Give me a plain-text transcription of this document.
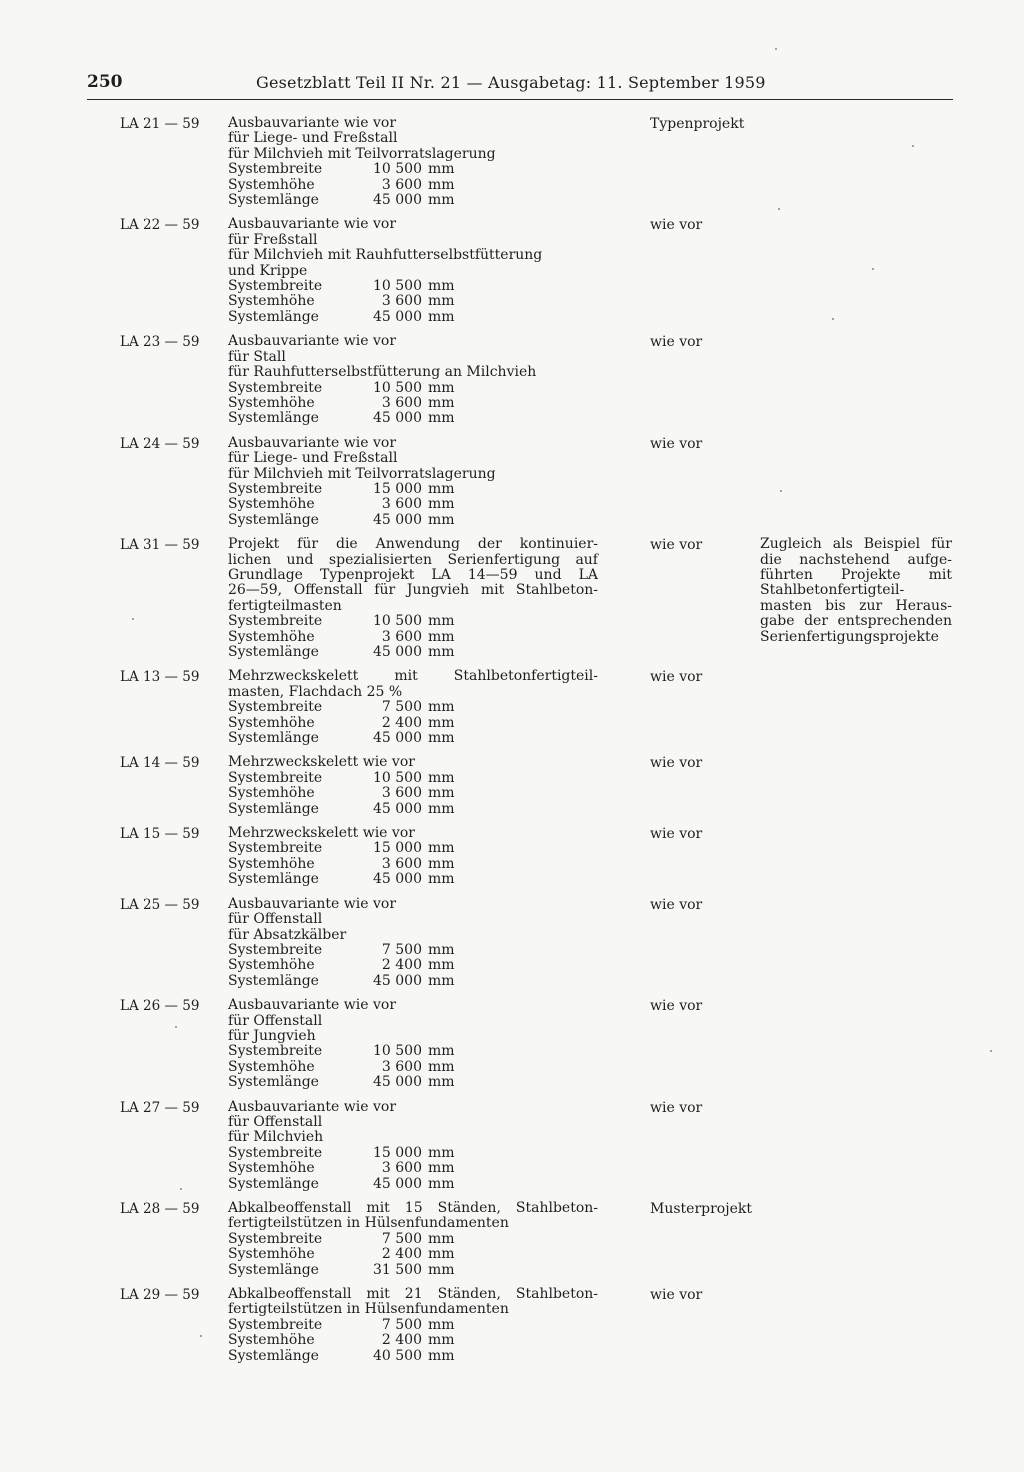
250	Gesetzblatt Teil II Nr. 21 — Ausgabetag: 11. September 1959
LA 21 — 59	Ausbauvariante wie vor
für Liege- und Freßstall
für Milchvieh mit Teilvorratslagerung
Systembreite	10 500 mm
Systemhöhe	3 600 mm
Systemlänge	45 000 mm
Typenprojekt
LA 22 — 59	Ausbauvariante wie vor
für Freßstall
für Milchvieh mit Rauhfutterselbstfütterung
und Krippe
Systembreite	10 500 mm
Systemhöhe	3 600 mm
Systemlänge	45 000 mm
wie vor
LA 23 — 59	Ausbauvariante wie vor
für Stall
für Rauhfutterselbstfütterung an Milchvieh
Systembreite	10 500 mm
Systemhöhe	3 600 mm
Systemlänge	45 000 mm
wie vor
LA 24 — 59	Ausbauvariante wie vor
für Liege- und Freßstall
für Milchvieh mit Teilvorratslagerung
Systembreite	15 000 mm
Systemhöhe	3 600 mm
Systemlänge	45 000 mm
wie vor
LA 31 — 59	Projekt für die Anwendung der kontinuier-
lichen und spezialisierten Serienfertigung auf
Grundlage Typenprojekt LA 14—59 und LA
26—59, Offenstall für Jungvieh mit Stahlbeton-
fertigteilmasten
Systembreite	10 500 mm
Systemhöhe	3 600 mm
Systemlänge	45 000 mm
wie vor	Zugleich als Beispiel für
die nachstehend aufge-
führten Projekte mit
Stahlbetonfertigteil-
masten bis zur Heraus-
gabe der entsprechenden
Serienfertigungsprojekte
LA 13 — 59	Mehrzweckskelett mit Stahlbetonfertigteil-
masten, Flachdach 25 %
Systembreite	7 500 mm
Systemhöhe	2 400 mm
Systemlänge	45 000 mm
wie vor
LA 14 — 59	Mehrzweckskelett wie vor
Systembreite	10 500 mm
Systemhöhe	3 600 mm
Systemlänge	45 000 mm
wie vor
LA 15 — 59	Mehrzweckskelett wie vor
Systembreite	15 000 mm
Systemhöhe	3 600 mm
Systemlänge	45 000 mm
wie vor
LA 25 — 59	Ausbauvariante wie vor
für Offenstall
für Absatzkälber
Systembreite	7 500 mm
Systemhöhe	2 400 mm
Systemlänge	45 000 mm
wie vor
LA 26 — 59	Ausbauvariante wie vor
für Offenstall
für Jungvieh
Systembreite	10 500 mm
Systemhöhe	3 600 mm
Systemlänge	45 000 mm
wie vor
LA 27 — 59	Ausbauvariante wie vor
für Offenstall
für Milchvieh
Systembreite	15 000 mm
Systemhöhe	3 600 mm
Systemlänge	45 000 mm
wie vor
LA 28 — 59	Abkalbeoffenstall mit 15 Ständen, Stahlbeton-
fertigteilstützen in Hülsenfundamenten
Systembreite	7 500 mm
Systemhöhe	2 400 mm
Systemlänge	31 500 mm
Musterprojekt
LA 29 — 59	Abkalbeoffenstall mit 21 Ständen, Stahlbeton-
fertigteilstützen in Hülsenfundamenten
Systembreite	7 500 mm
Systemhöhe	2 400 mm
Systemlänge	40 500 mm
wie vor
